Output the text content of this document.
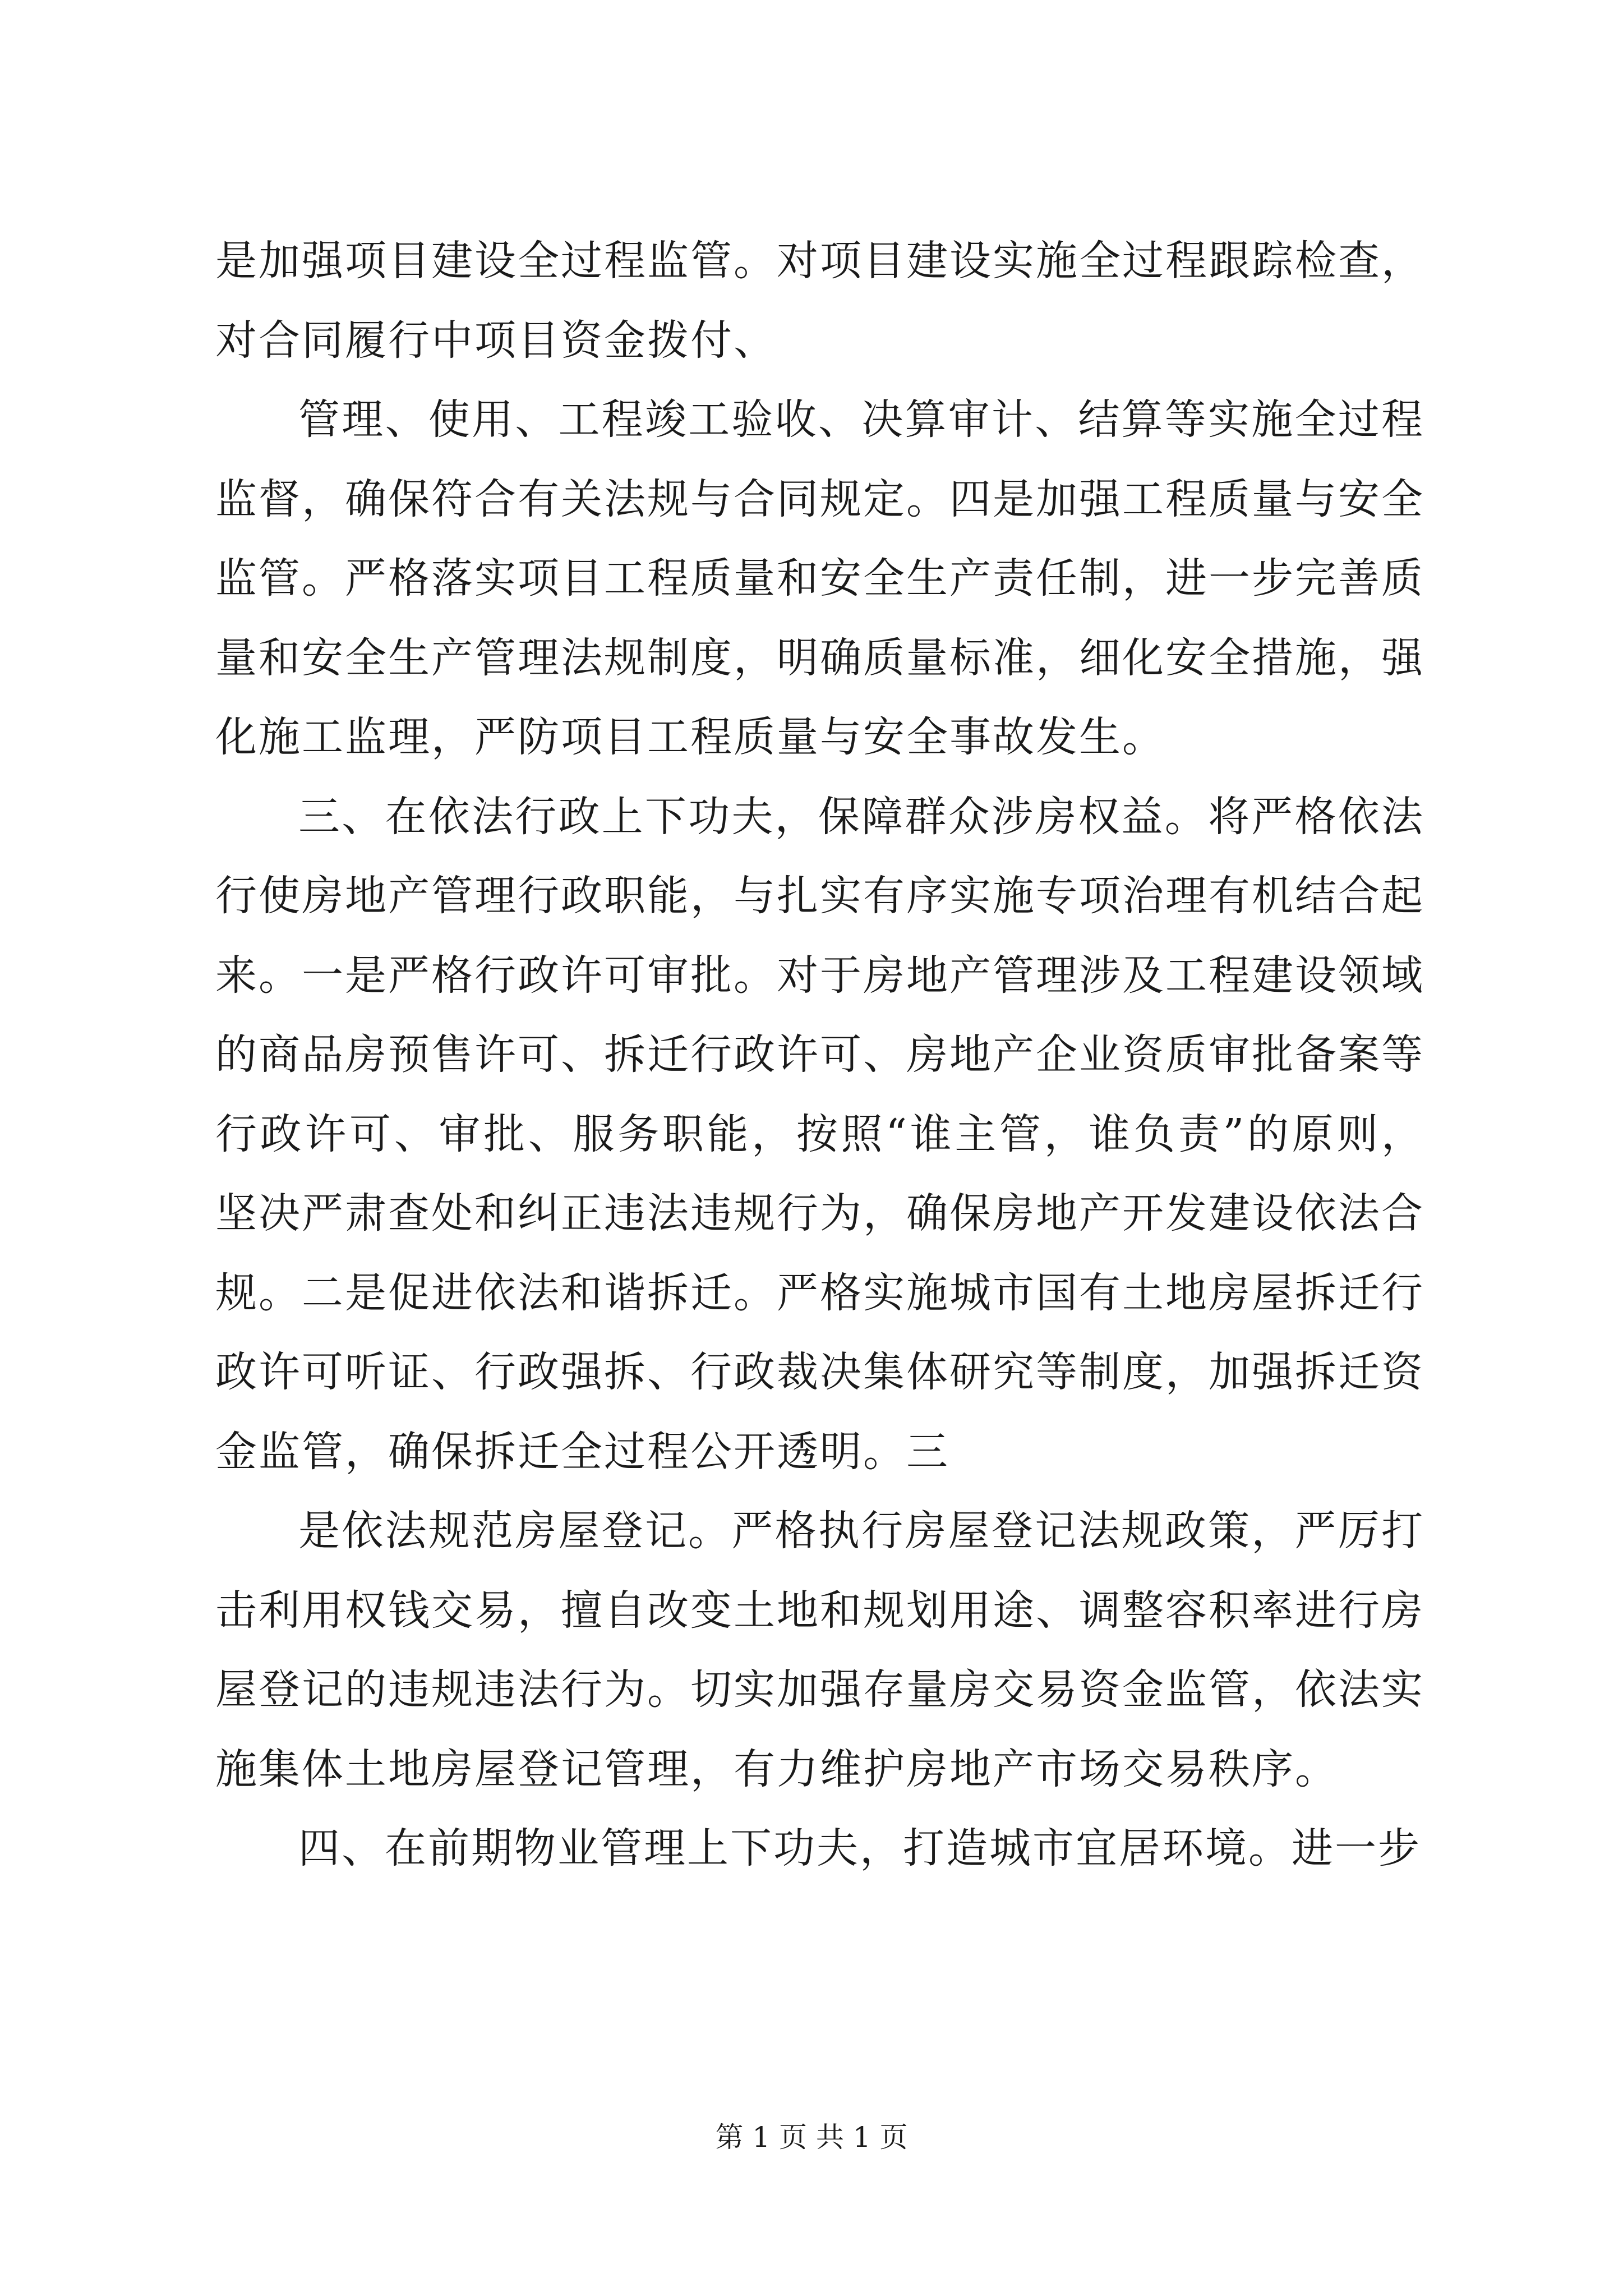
是加强项目建设全过程监管。对项目建设实施全过程跟踪检查，对合同履行中项目资金拨付、

管理、使用、工程竣工验收、决算审计、结算等实施全过程监督，确保符合有关法规与合同规定。四是加强工程质量与安全监管。严格落实项目工程质量和安全生产责任制，进一步完善质量和安全生产管理法规制度，明确质量标准，细化安全措施，强化施工监理，严防项目工程质量与安全事故发生。

三、在依法行政上下功夫，保障群众涉房权益。将严格依法行使房地产管理行政职能，与扎实有序实施专项治理有机结合起来。一是严格行政许可审批。对于房地产管理涉及工程建设领域的商品房预售许可、拆迁行政许可、房地产企业资质审批备案等行政许可、审批、服务职能，按照“谁主管，谁负责”的原则，坚决严肃查处和纠正违法违规行为，确保房地产开发建设依法合规。二是促进依法和谐拆迁。严格实施城市国有土地房屋拆迁行政许可听证、行政强拆、行政裁决集体研究等制度，加强拆迁资金监管，确保拆迁全过程公开透明。三

是依法规范房屋登记。严格执行房屋登记法规政策，严厉打击利用权钱交易，擅自改变土地和规划用途、调整容积率进行房屋登记的违规违法行为。切实加强存量房交易资金监管，依法实施集体土地房屋登记管理，有力维护房地产市场交易秩序。

四、在前期物业管理上下功夫，打造城市宜居环境。进一步

第 1 页 共 1 页
